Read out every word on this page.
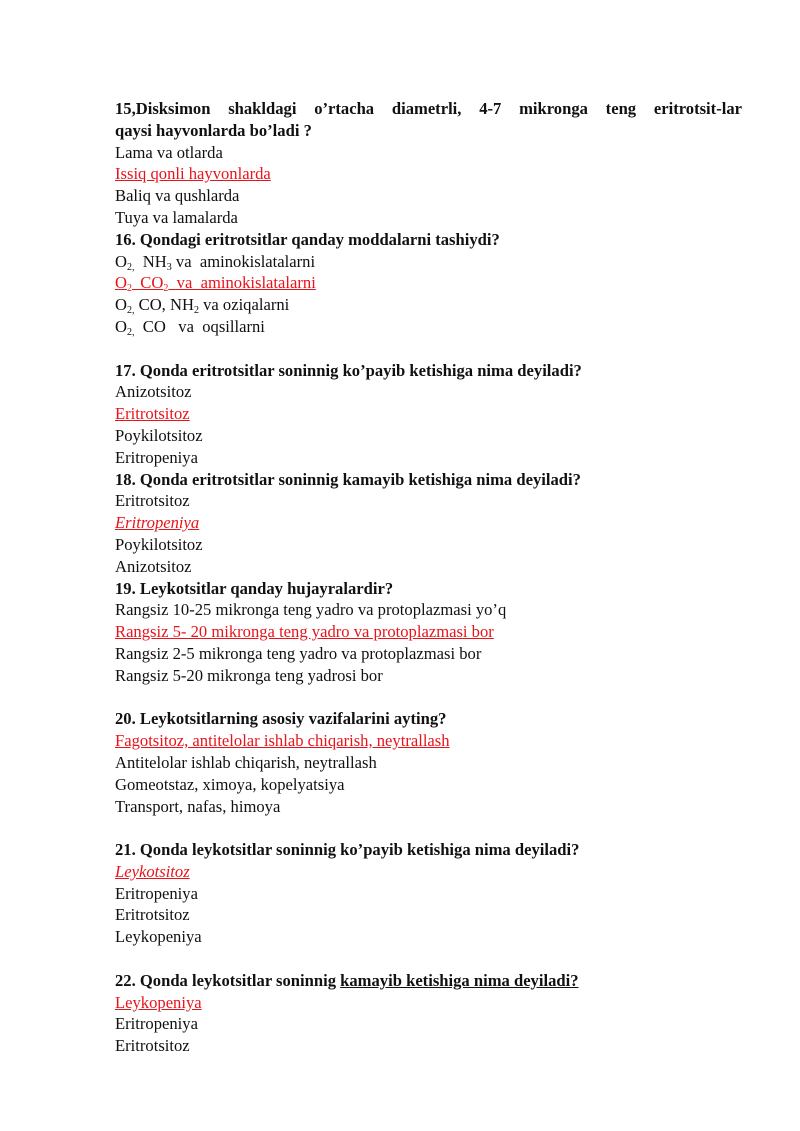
15,Disksimon shakldagi o’rtacha diametrli, 4-7 mikronga teng eritrotsit-lar
qaysi hayvonlarda bo’ladi ?
Lama va otlarda
Issiq qonli hayvonlarda
Baliq va qushlarda
Tuya va lamalarda
16. Qondagi eritrotsitlar qanday moddalarni tashiydi?
$O_{2,}$  $NH_3$ va  aminokislatalarni
$O_2$  $CO_2$  va  aminokislatalarni
$O_{2,}$ CO, $NH_2$ va oziqalarni
$O_{2,}$  CO   va  oqsillarni
17. Qonda eritrotsitlar soninnig ko’payib ketishiga nima deyiladi?
Anizotsitoz
Eritrotsitoz
Poykilotsitoz
Eritropeniya
18. Qonda eritrotsitlar soninnig kamayib ketishiga nima deyiladi?
Eritrotsitoz
Eritropeniya
Poykilotsitoz
Anizotsitoz
19. Leykotsitlar qanday hujayralardir?
Rangsiz 10-25 mikronga teng yadro va protoplazmasi yo’q
Rangsiz 5- 20 mikronga teng yadro va protoplazmasi bor
Rangsiz 2-5 mikronga teng yadro va protoplazmasi bor
Rangsiz 5-20 mikronga teng yadrosi bor
20. Leykotsitlarning asosiy vazifalarini ayting?
Fagotsitoz, antitelolar ishlab chiqarish, neytrallash
Antitelolar ishlab chiqarish, neytrallash
Gomeotstaz, ximoya, kopelyatsiya
Transport, nafas, himoya
21. Qonda leykotsitlar soninnig ko’payib ketishiga nima deyiladi?
Leykotsitoz
Eritropeniya
Eritrotsitoz
Leykopeniya
22. Qonda leykotsitlar soninnig kamayib ketishiga nima deyiladi?
Leykopeniya
Eritropeniya
Eritrotsitoz
